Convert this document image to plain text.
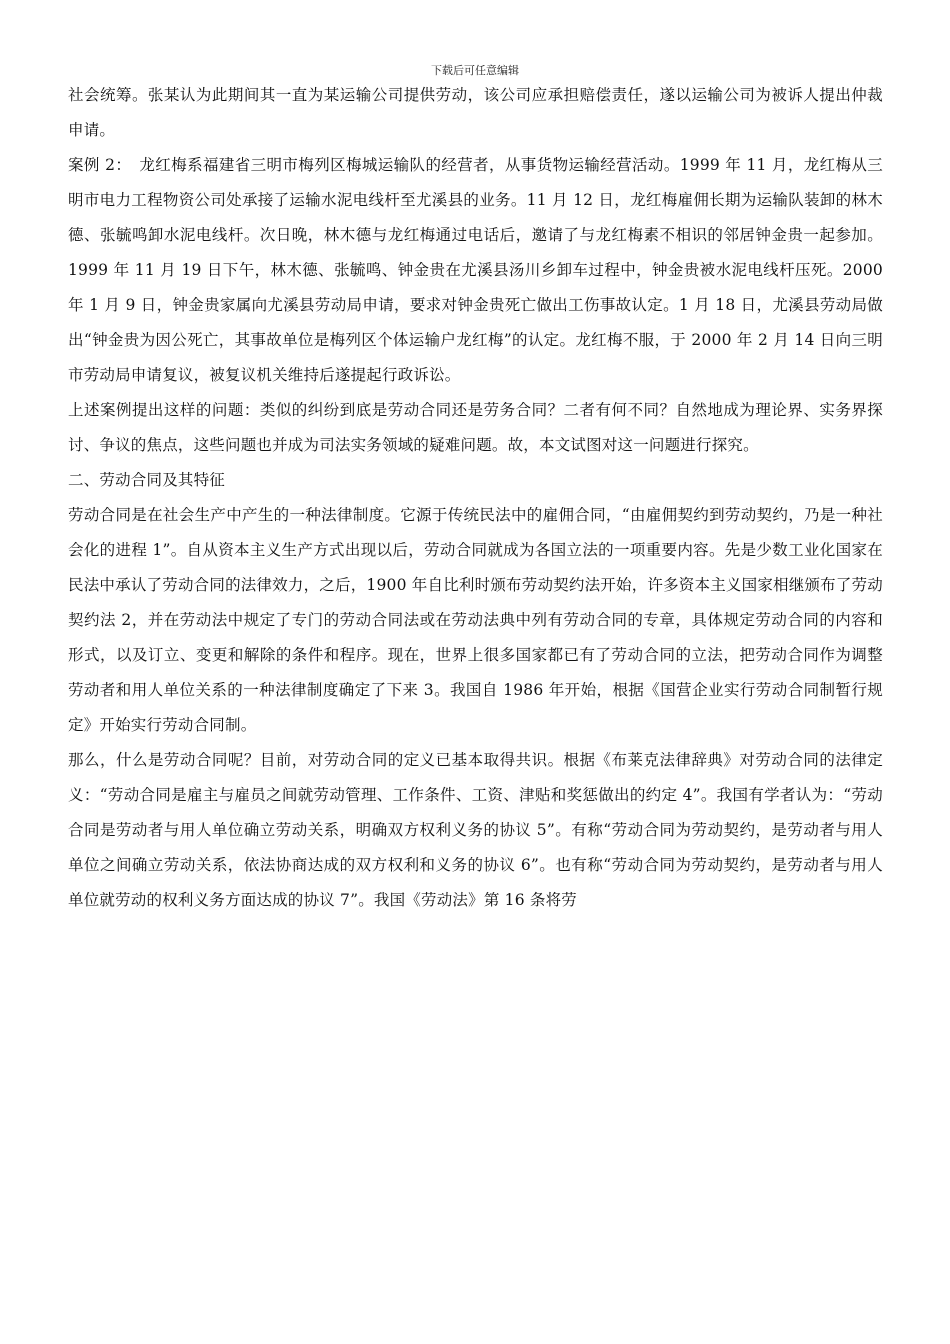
下载后可任意编辑

社会统筹。张某认为此期间其一直为某运输公司提供劳动，该公司应承担赔偿责任，遂以运输公司为被诉人提出仲裁申请。

案例 2：　龙红梅系福建省三明市梅列区梅城运输队的经营者，从事货物运输经营活动。1999 年 11 月，龙红梅从三明市电力工程物资公司处承接了运输水泥电线杆至尤溪县的业务。11 月 12 日，龙红梅雇佣长期为运输队装卸的林木德、张毓鸣卸水泥电线杆。次日晚，林木德与龙红梅通过电话后，邀请了与龙红梅素不相识的邻居钟金贵一起参加。1999 年 11 月 19 日下午，林木德、张毓鸣、钟金贵在尤溪县汤川乡卸车过程中，钟金贵被水泥电线杆压死。2000 年 1 月 9 日，钟金贵家属向尤溪县劳动局申请，要求对钟金贵死亡做出工伤事故认定。1 月 18 日，尤溪县劳动局做出“钟金贵为因公死亡，其事故单位是梅列区个体运输户龙红梅”的认定。龙红梅不服，于 2000 年 2 月 14 日向三明市劳动局申请复议，被复议机关维持后遂提起行政诉讼。

上述案例提出这样的问题：类似的纠纷到底是劳动合同还是劳务合同？二者有何不同？自然地成为理论界、实务界探讨、争议的焦点，这些问题也并成为司法实务领域的疑难问题。故，本文试图对这一问题进行探究。

二、劳动合同及其特征

劳动合同是在社会生产中产生的一种法律制度。它源于传统民法中的雇佣合同，“由雇佣契约到劳动契约，乃是一种社会化的进程 1”。自从资本主义生产方式出现以后，劳动合同就成为各国立法的一项重要内容。先是少数工业化国家在民法中承认了劳动合同的法律效力，之后，1900 年自比利时颁布劳动契约法开始，许多资本主义国家相继颁布了劳动契约法 2，并在劳动法中规定了专门的劳动合同法或在劳动法典中列有劳动合同的专章，具体规定劳动合同的内容和形式，以及订立、变更和解除的条件和程序。现在，世界上很多国家都已有了劳动合同的立法，把劳动合同作为调整劳动者和用人单位关系的一种法律制度确定了下来 3。我国自 1986 年开始，根据《国营企业实行劳动合同制暂行规定》开始实行劳动合同制。

那么，什么是劳动合同呢？目前，对劳动合同的定义已基本取得共识。根据《布莱克法律辞典》对劳动合同的法律定义：“劳动合同是雇主与雇员之间就劳动管理、工作条件、工资、津贴和奖惩做出的约定 4”。我国有学者认为：“劳动合同是劳动者与用人单位确立劳动关系，明确双方权利义务的协议 5”。有称“劳动合同为劳动契约，是劳动者与用人单位之间确立劳动关系，依法协商达成的双方权利和义务的协议 6”。也有称“劳动合同为劳动契约，是劳动者与用人单位就劳动的权利义务方面达成的协议 7”。我国《劳动法》第 16 条将劳
